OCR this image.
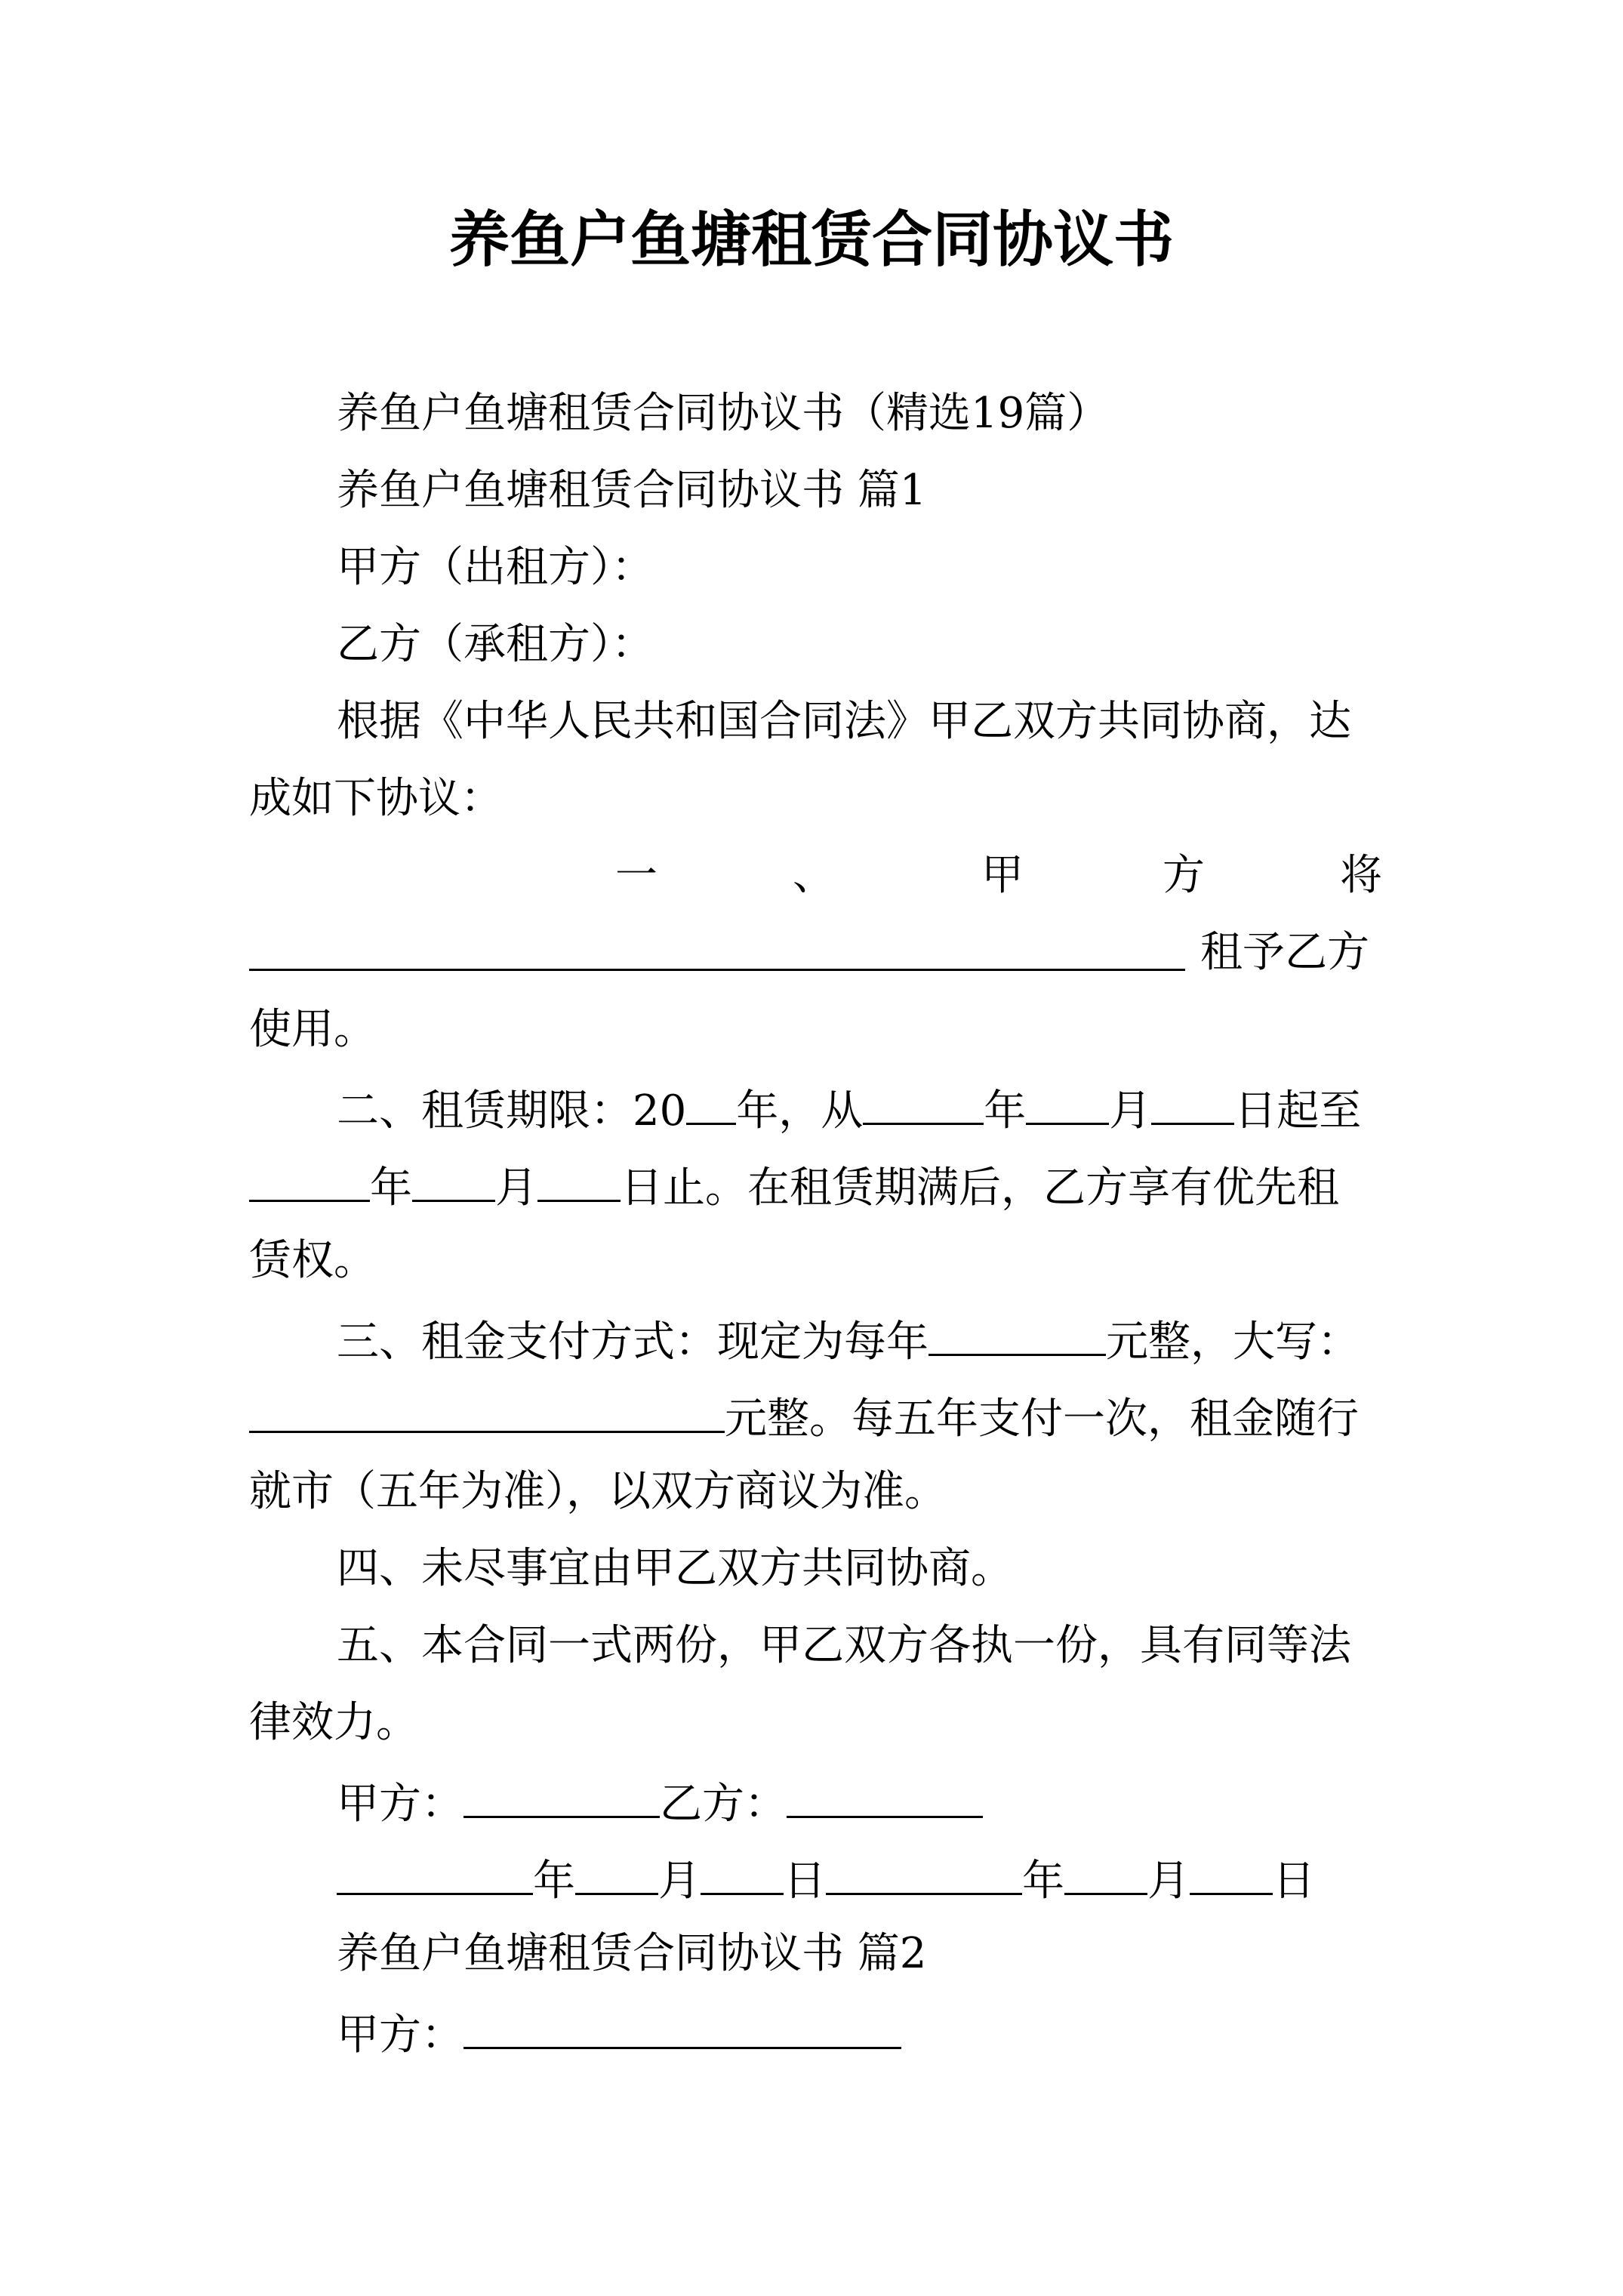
养鱼户鱼塘租赁合同协议书
养鱼户鱼塘租赁合同协议书（精选19篇）
养鱼户鱼塘租赁合同协议书 篇1
甲方（出租方）：
乙方（承租方）：
根据《中华人民共和国合同法》甲乙双方共同协商，达
成如下协议：
一	、	甲	方	将
租予乙方
使用。
二、租赁期限：20 年，从	年 月 日起至
年 月 日止。在租赁期满后，乙方享有优先租
赁权。
三、租金支付方式：现定为每年	元整，大写：
元整。每五年支付一次，租金随行
就市（五年为准），以双方商议为准。
四、未尽事宜由甲乙双方共同协商。
五、本合同一式两份，甲乙双方各执一份，具有同等法
律效力。
甲方：	乙方：
年 月 日	年 月 日
养鱼户鱼塘租赁合同协议书 篇2
甲方：
